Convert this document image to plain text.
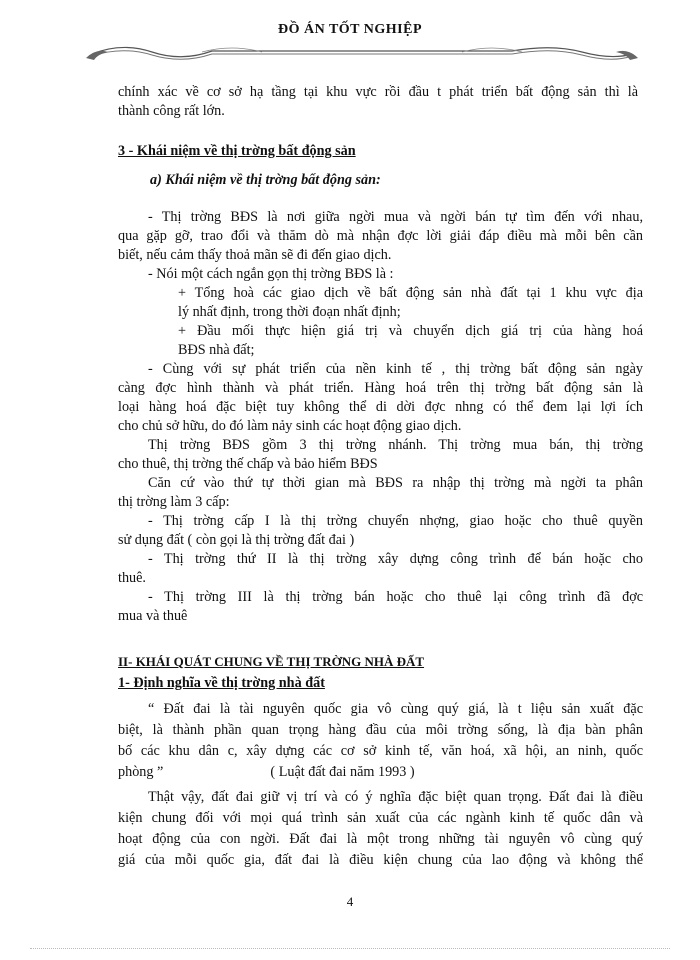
ĐỒ ÁN TỐT NGHIỆP

chính xác về cơ sở hạ tầng tại khu vực rồi đầu t phát triển bất động sản thì là

thành công rất lớn.

3 - Khái niệm về thị trờng bất động sản

a) Khái niệm về thị trờng bất động sản:

- Thị trờng BĐS là nơi giữa ngời mua và ngời bán tự tìm đến với nhau,

qua gặp gỡ, trao đổi và thăm dò mà nhận đợc lời giải đáp điều mà mỗi bên cần

biết, nếu cảm thấy thoả mãn sẽ đi đến giao dịch.

- Nói một cách ngắn gọn thị trờng BĐS là :

+ Tổng hoà các giao dịch về bất động sản nhà đất tại 1 khu vực địa

lý nhất định, trong thời đoạn nhất định;

+ Đầu mối thực hiện giá trị và chuyển dịch giá trị của hàng hoá

BĐS nhà đất;

- Cùng với sự phát triển của nền kinh tế , thị trờng bất động sản ngày

càng đợc hình thành và phát triển. Hàng hoá trên thị trờng bất động sản là

loại hàng hoá đặc biệt tuy không thể di dời đợc nhng có thể đem lại lợi ích

cho chủ sở hữu, do đó làm nảy sinh các hoạt động giao dịch.

Thị trờng BĐS gồm 3 thị trờng nhánh. Thị trờng mua bán, thị trờng

cho thuê, thị trờng thế chấp và bảo hiểm BĐS

Căn cứ vào thứ tự thời gian mà BĐS ra nhập thị trờng mà ngời ta phân

thị trờng làm 3 cấp:

- Thị trờng cấp I là thị trờng chuyển nhợng, giao hoặc cho thuê quyền

sử dụng đất ( còn gọi là thị trờng đất đai )

- Thị trờng thứ II là thị trờng xây dựng công trình để bán hoặc cho

thuê.

- Thị trờng III là thị trờng bán hoặc cho thuê lại công trình đã đợc

mua và thuê

II- KHÁI QUÁT CHUNG VỀ THỊ TRỜNG NHÀ ĐẤT

1- Định nghĩa về thị trờng nhà đất

“ Đất đai là tài nguyên quốc gia vô cùng quý giá, là t liệu sản xuất đặc

biệt, là thành phần quan trọng hàng đầu của môi trờng sống, là địa bàn phân

bố các khu dân c, xây dựng các cơ sở kinh tế, văn hoá, xã hội, an ninh, quốc

phòng ”	( Luật đất đai năm 1993 )

Thật vậy, đất đai giữ vị trí và có ý nghĩa đặc biệt quan trọng. Đất đai là điều

kiện chung đối với mọi quá trình sản xuất của các ngành kinh tế quốc dân và

hoạt động của con ngời. Đất đai là một trong những tài nguyên vô cùng quý

giá của mỗi quốc gia, đất đai là điều kiện chung của lao động và không thể

4
